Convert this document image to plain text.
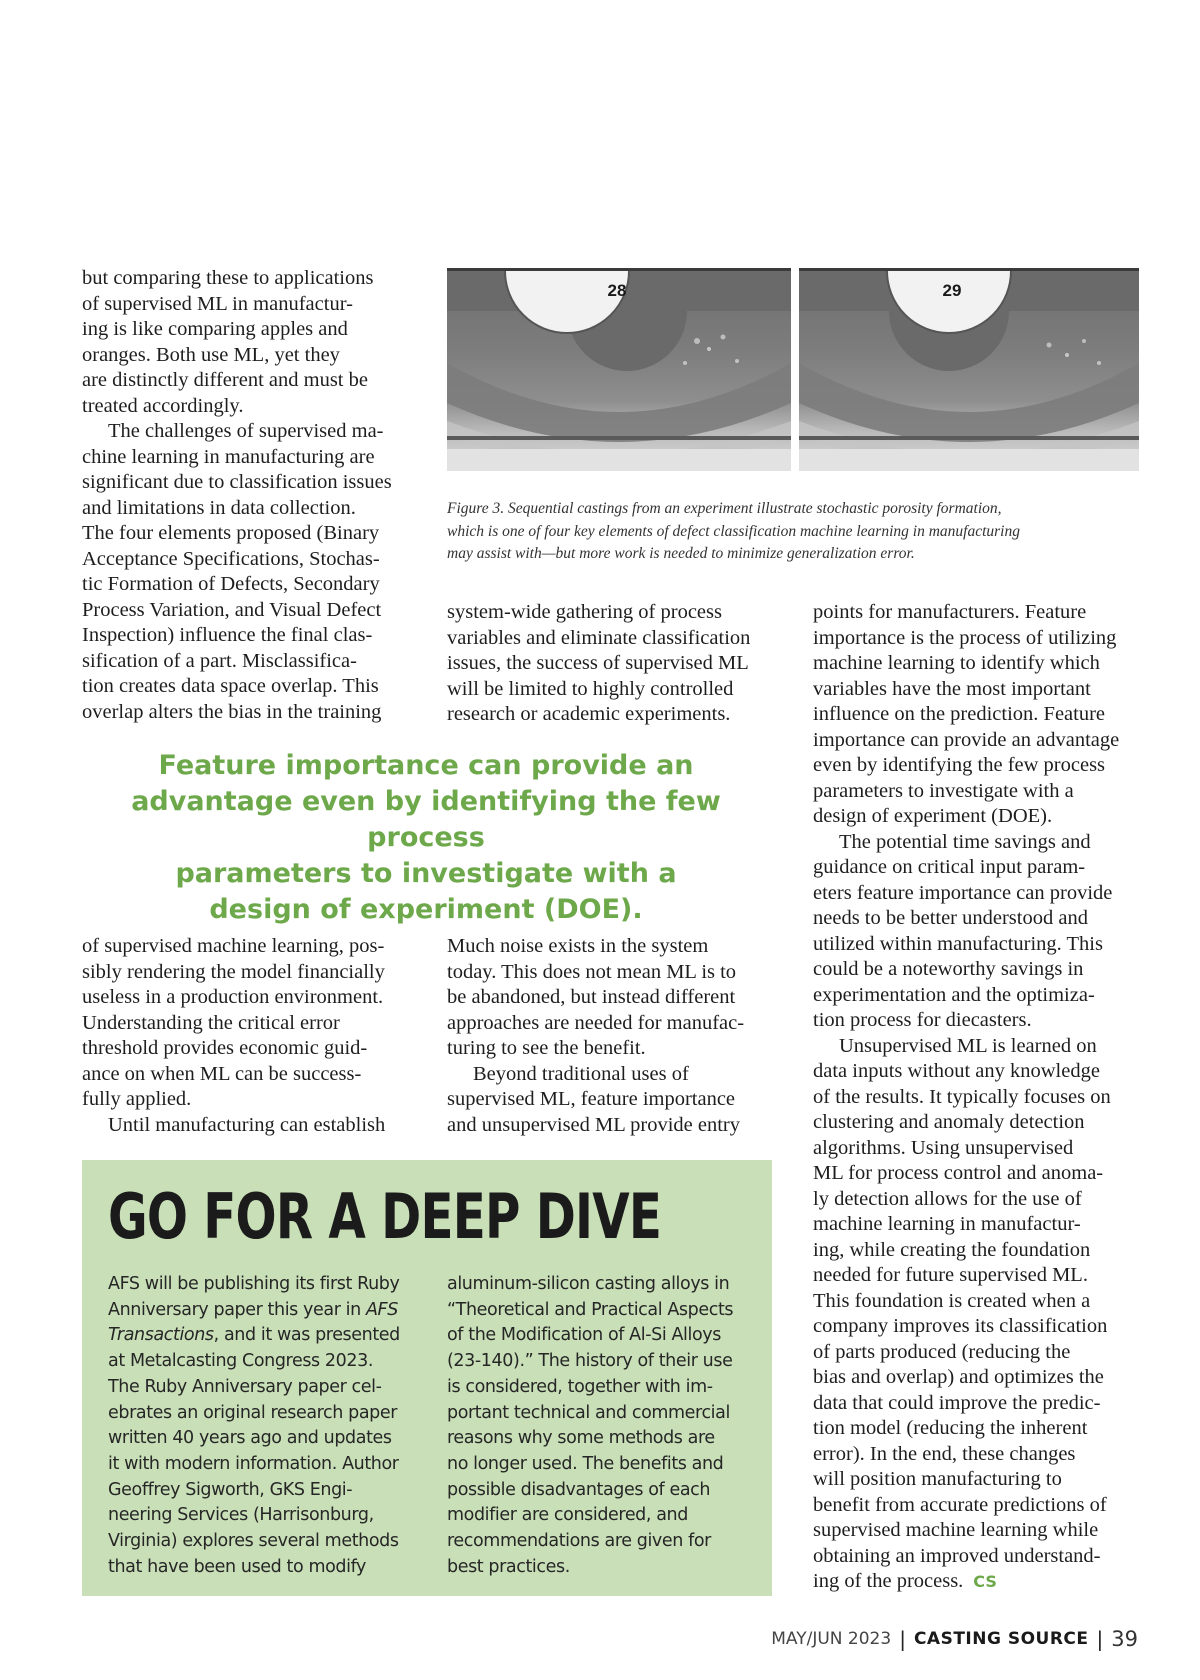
but comparing these to applications
of supervised ML in manufactur-
ing is like comparing apples and
oranges. Both use ML, yet they
are distinctly different and must be
treated accordingly.

The challenges of supervised ma-
chine learning in manufacturing are
significant due to classification issues
and limitations in data collection.
The four elements proposed (Binary
Acceptance Specifications, Stochas-
tic Formation of Defects, Secondary
Process Variation, and Visual Defect
Inspection) influence the final clas-
sification of a part. Misclassifica-
tion creates data space overlap. This
overlap alters the bias in the training

28	29
Figure 3. Sequential castings from an experiment illustrate stochastic porosity formation,
which is one of four key elements of defect classification machine learning in manufacturing
may assist with—but more work is needed to minimize generalization error.

system-wide gathering of process
variables and eliminate classification
issues, the success of supervised ML
will be limited to highly controlled
research or academic experiments.

Feature importance can provide an
advantage even by identifying the few process
parameters to investigate with a
design of experiment (DOE).

of supervised machine learning, pos-
sibly rendering the model financially
useless in a production environment.
Understanding the critical error
threshold provides economic guid-
ance on when ML can be success-
fully applied.

Until manufacturing can establish

Much noise exists in the system
today. This does not mean ML is to
be abandoned, but instead different
approaches are needed for manufac-
turing to see the benefit.

Beyond traditional uses of
supervised ML, feature importance
and unsupervised ML provide entry

points for manufacturers. Feature
importance is the process of utilizing
machine learning to identify which
variables have the most important
influence on the prediction. Feature
importance can provide an advantage
even by identifying the few process
parameters to investigate with a
design of experiment (DOE).

The potential time savings and
guidance on critical input param-
eters feature importance can provide
needs to be better understood and
utilized within manufacturing. This
could be a noteworthy savings in
experimentation and the optimiza-
tion process for diecasters.

Unsupervised ML is learned on
data inputs without any knowledge
of the results. It typically focuses on
clustering and anomaly detection
algorithms. Using unsupervised
ML for process control and anoma-
ly detection allows for the use of
machine learning in manufactur-
ing, while creating the foundation
needed for future supervised ML.
This foundation is created when a
company improves its classification
of parts produced (reducing the
bias and overlap) and optimizes the
data that could improve the predic-
tion model (reducing the inherent
error). In the end, these changes
will position manufacturing to
benefit from accurate predictions of
supervised machine learning while
obtaining an improved understand-
ing of the process. CS

GO FOR A DEEP DIVE
AFS will be publishing its first Ruby
Anniversary paper this year in AFS
Transactions, and it was presented
at Metalcasting Congress 2023.
The Ruby Anniversary paper cel-
ebrates an original research paper
written 40 years ago and updates
it with modern information. Author
Geoffrey Sigworth, GKS Engi-
neering Services (Harrisonburg,
Virginia) explores several methods
that have been used to modify
aluminum-silicon casting alloys in
“Theoretical and Practical Aspects
of the Modification of Al-Si Alloys
(23-140).” The history of their use
is considered, together with im-
portant technical and commercial
reasons why some methods are
no longer used. The benefits and
possible disadvantages of each
modifier are considered, and
recommendations are given for
best practices.
MAY/JUN 2023 | CASTING SOURCE | 39
